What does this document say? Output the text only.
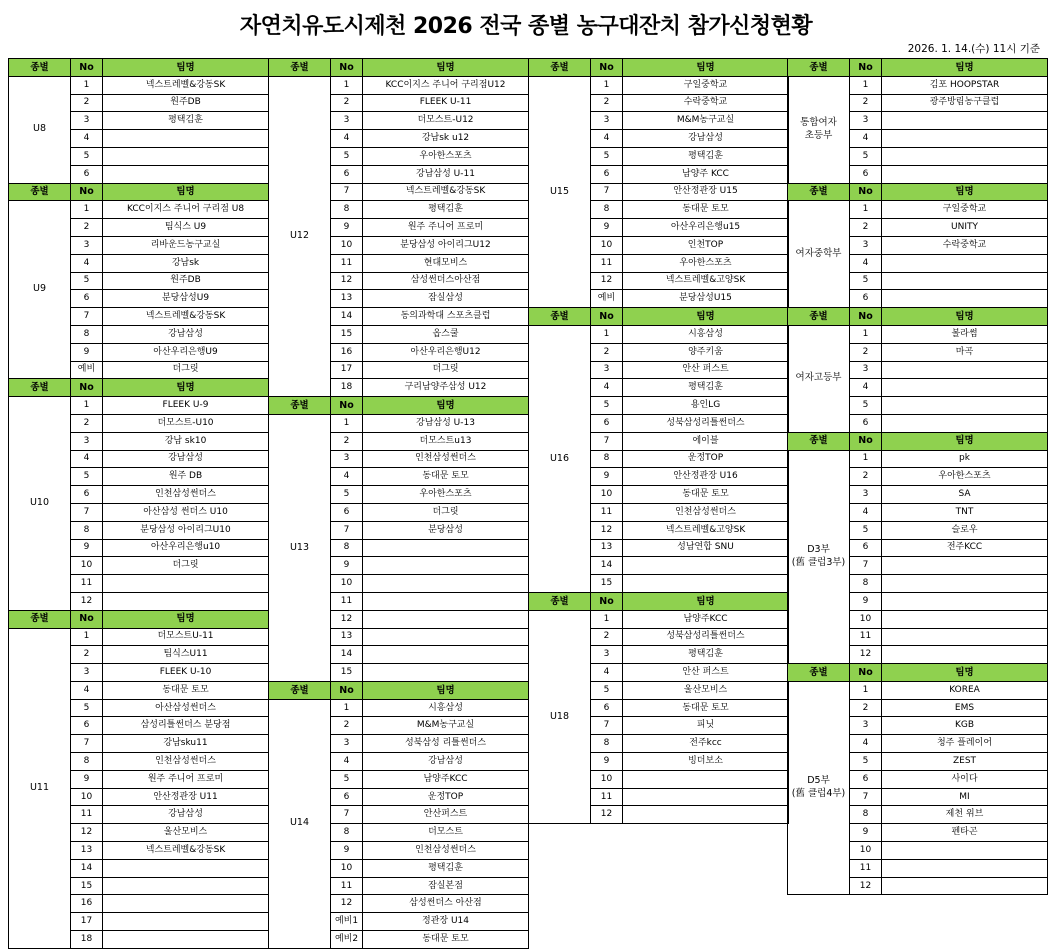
자연치유도시제천 2026 전국 종별 농구대잔치 참가신청현황
2026. 1. 14.(수) 11시 기준
종별	No	팀명
U8	1	넥스트레벨&강동SK
	2	원주DB
	3	평택김훈
	4	
	5	
	6	
종별	No	팀명
U9	1	KCC이지스 주니어 구리점 U8
	2	팀식스 U9
	3	리바운드농구교실
	4	강남sk
	5	원주DB
	6	분당삼성U9
	7	넥스트레벨&강동SK
	8	강남삼성
	9	아산우리은행U9
	예비	더그릿
종별	No	팀명
U10	1	FLEEK U-9
	2	더모스트-U10
	3	강남 sk10
	4	강남삼성
	5	원주 DB
	6	인천삼성썬더스
	7	아산삼성 썬더스 U10
	8	분당삼성 아이리그U10
	9	아산우리은행u10
	10	더그릿
	11	
	12	
종별	No	팀명
U11	1	더모스트U-11
	2	팀식스U11
	3	FLEEK U-10
	4	동대문 토모
	5	아산삼성썬더스
	6	삼성리틀썬더스 분당점
	7	강남sku11
	8	인천삼성썬더스
	9	원주 주니어 프로미
	10	안산정관장 U11
	11	강남삼성
	12	울산모비스
	13	넥스트레벨&강동SK
	14	
	15	
	16	
	17	
	18	
종별	No	팀명
U12	1	KCC이지스 주니어 구리점U12
	2	FLEEK U-11
	3	더모스트-U12
	4	강남sk u12
	5	우아한스포츠
	6	강남삼성 U-11
	7	넥스트레벨&강동SK
	8	평택김훈
	9	원주 주니어 프로미
	10	분당삼성 아이리그U12
	11	현대모비스
	12	삼성썬더스아산점
	13	잠실삼성
	14	동의과학대 스포츠클럽
	15	옵스쿨
	16	아산우리은행U12
	17	더그릿
	18	구리남양주삼성 U12
종별	No	팀명
U13	1	강남삼성 U-13
	2	더모스트u13
	3	인천삼성썬더스
	4	동대문 토모
	5	우아한스포츠
	6	더그릿
	7	분당삼성
	8	
	9	
	10	
	11	
	12	
	13	
	14	
	15	
종별	No	팀명
U14	1	시흥삼성
	2	M&M농구교실
	3	성북삼성 리틀썬더스
	4	강남삼성
	5	남양주KCC
	6	운정TOP
	7	안산퍼스트
	8	더모스트
	9	인천삼성썬더스
	10	평택김훈
	11	잠실본점
	12	삼성썬더스 아산점
	예비1	정관장 U14
	예비2	동대문 토모
종별	No	팀명
U15	1	구일중학교
	2	수락중학교
	3	M&M농구교실
	4	강남삼성
	5	평택김훈
	6	남양주 KCC
	7	안산정관장 U15
	8	동대문 토모
	9	아산우리은행u15
	10	인천TOP
	11	우아한스포츠
	12	넥스트레벨&고양SK
	예비	분당삼성U15
종별	No	팀명
U16	1	시흥삼성
	2	양주키움
	3	안산 퍼스트
	4	평택김훈
	5	용인LG
	6	성북삼성리틀썬더스
	7	에이블
	8	운정TOP
	9	안산정관장 U16
	10	동대문 토모
	11	인천삼성썬더스
	12	넥스트레벨&고양SK
	13	성남연합 SNU
	14	
	15	
종별	No	팀명
U18	1	남양주KCC
	2	성북삼성리틀썬더스
	3	평택김훈
	4	안산 퍼스트
	5	울산모비스
	6	동대문 토모
	7	피닛
	8	전주kcc
	9	빙더보소
	10	
	11	
	12	
종별	No	팀명
통합여자
초등부	1	김포 HOOPSTAR
	2	광주방림농구클럽
	3	
	4	
	5	
	6	
종별	No	팀명
여자중학부	1	구일중학교
	2	UNITY
	3	수락중학교
	4	
	5	
	6	
종별	No	팀명
여자고등부	1	볼라썸
	2	마곡
	3	
	4	
	5	
	6	
종별	No	팀명
D3부
(舊 클럽3부)	1	pk
	2	우아한스포츠
	3	SA
	4	TNT
	5	슬로우
	6	전주KCC
	7	
	8	
	9	
	10	
	11	
	12	
종별	No	팀명
D5부
(舊 클럽4부)	1	KOREA
	2	EMS
	3	KGB
	4	청주 플레이어
	5	ZEST
	6	사이다
	7	MI
	8	제천 위브
	9	펜타곤
	10	
	11	
	12	
